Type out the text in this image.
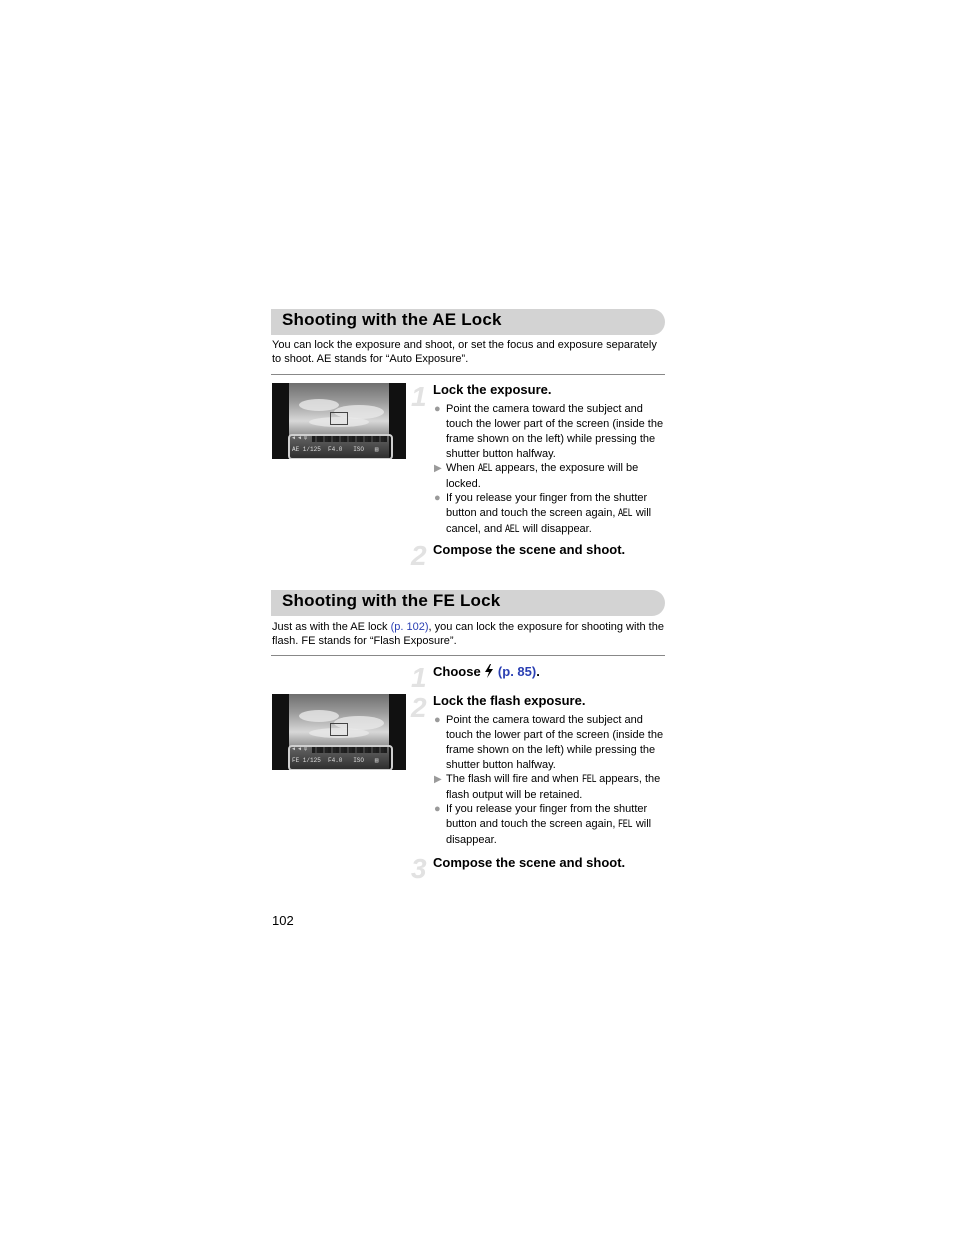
Shooting with the AE Lock
You can lock the exposure and shoot, or set the focus and exposure separately to shoot. AE stands for “Auto Exposure”.
◀ ◀ ψ
AE 1/125  F4.0   ISO   ▤
1 Lock the exposure.
● Point the camera toward the subject and touch the lower part of the screen (inside the frame shown on the left) while pressing the shutter button halfway.
▶ When AEL appears, the exposure will be locked.
● If you release your finger from the shutter button and touch the screen again, AEL will cancel, and AEL will disappear.
2 Compose the scene and shoot.
Shooting with the FE Lock
Just as with the AE lock (p. 102), you can lock the exposure for shooting with the flash. FE stands for “Flash Exposure”.
1 Choose  (p. 85).
◀ ◀ ψ
FE 1/125  F4.0   ISO   ▤
2 Lock the flash exposure.
● Point the camera toward the subject and touch the lower part of the screen (inside the frame shown on the left) while pressing the shutter button halfway.
▶ The flash will fire and when FEL appears, the flash output will be retained.
● If you release your finger from the shutter button and touch the screen again, FEL will disappear.
3 Compose the scene and shoot.
102
